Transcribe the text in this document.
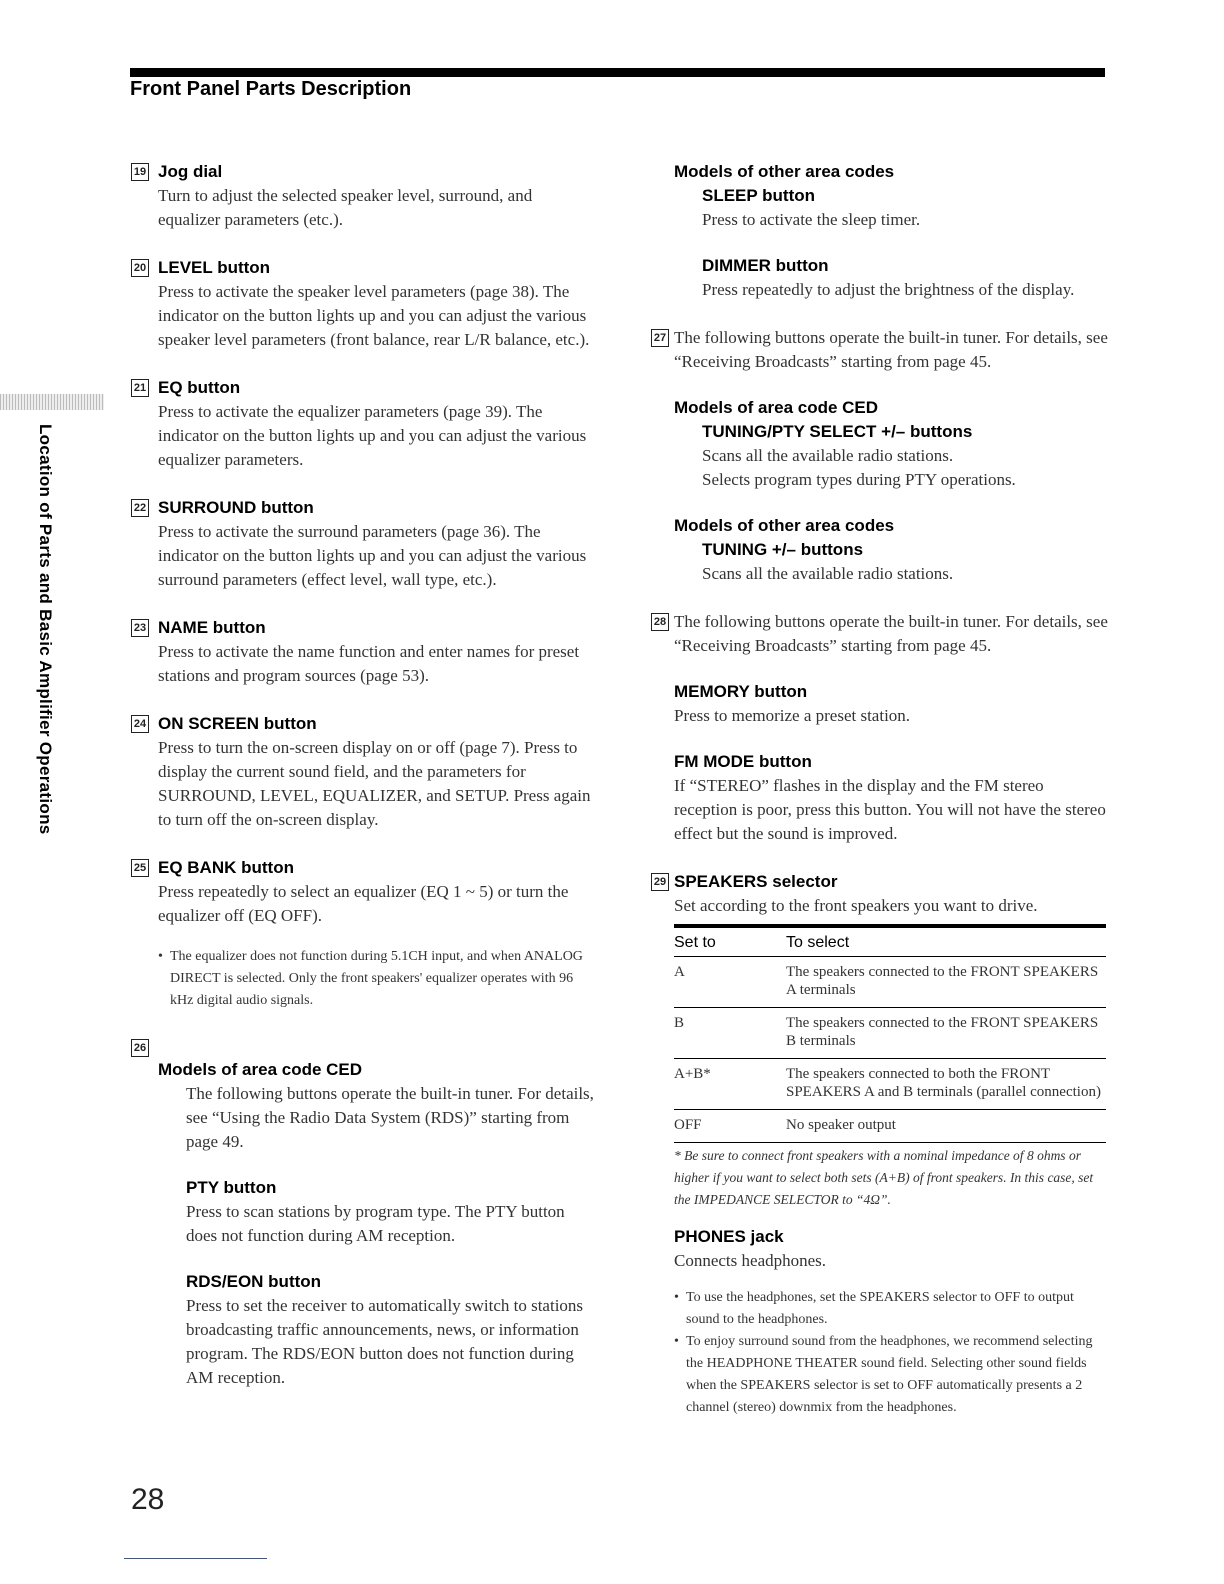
Front Panel Parts Description
Location of Parts and Basic Amplifier Operations
19 Jog dial
Turn to adjust the selected speaker level, surround, and equalizer parameters (etc.).
20 LEVEL button
Press to activate the speaker level parameters (page 38). The indicator on the button lights up and you can adjust the various speaker level parameters (front balance, rear L/R balance, etc.).
21 EQ button
Press to activate the equalizer parameters (page 39). The indicator on the button lights up and you can adjust the various equalizer parameters.
22 SURROUND button
Press to activate the surround parameters (page 36). The indicator on the button lights up and you can adjust the various surround parameters (effect level, wall type, etc.).
23 NAME button
Press to activate the name function and enter names for preset stations and program sources (page 53).
24 ON SCREEN button
Press to turn the on-screen display on or off (page 7). Press to display the current sound field, and the parameters for SURROUND, LEVEL, EQUALIZER, and SETUP. Press again to turn off the on-screen display.
25 EQ BANK button
Press repeatedly to select an equalizer (EQ 1 ~ 5) or turn the equalizer off (EQ OFF).

• The equalizer does not function during 5.1CH input, and when ANALOG DIRECT is selected. Only the front speakers' equalizer operates with 96 kHz digital audio signals.

26
Models of area code CED
The following buttons operate the built-in tuner. For details, see “Using the Radio Data System (RDS)” starting from page 49.
PTY button
Press to scan stations by program type. The PTY button does not function during AM reception.
RDS/EON button
Press to set the receiver to automatically switch to stations broadcasting traffic announcements, news, or information program. The RDS/EON button does not function during AM reception.
Models of other area codes
SLEEP button
Press to activate the sleep timer.
DIMMER button
Press repeatedly to adjust the brightness of the display.
27 The following buttons operate the built-in tuner. For details, see “Receiving Broadcasts” starting from page 45.
Models of area code CED
TUNING/PTY SELECT +/– buttons
Scans all the available radio stations.
Selects program types during PTY operations.
Models of other area codes
TUNING +/– buttons
Scans all the available radio stations.
28 The following buttons operate the built-in tuner. For details, see “Receiving Broadcasts” starting from page 45.
MEMORY button
Press to memorize a preset station.
FM MODE button
If “STEREO” flashes in the display and the FM stereo reception is poor, press this button. You will not have the stereo effect but the sound is improved.
29 SPEAKERS selector
Set according to the front speakers you want to drive.
Set to	To select
A	The speakers connected to the FRONT SPEAKERS A terminals
B	The speakers connected to the FRONT SPEAKERS B terminals
A+B*	The speakers connected to both the FRONT SPEAKERS A and B terminals (parallel connection)
OFF	No speaker output
* Be sure to connect front speakers with a nominal impedance of 8 ohms or higher if you want to select both sets (A+B) of front speakers. In this case, set the IMPEDANCE SELECTOR to “4Ω”.
PHONES jack
Connects headphones.

• To use the headphones, set the SPEAKERS selector to OFF to output sound to the headphones.

• To enjoy surround sound from the headphones, we recommend selecting the HEADPHONE THEATER sound field. Selecting other sound fields when the SPEAKERS selector is set to OFF automatically presents a 2 channel (stereo) downmix from the headphones.

28
